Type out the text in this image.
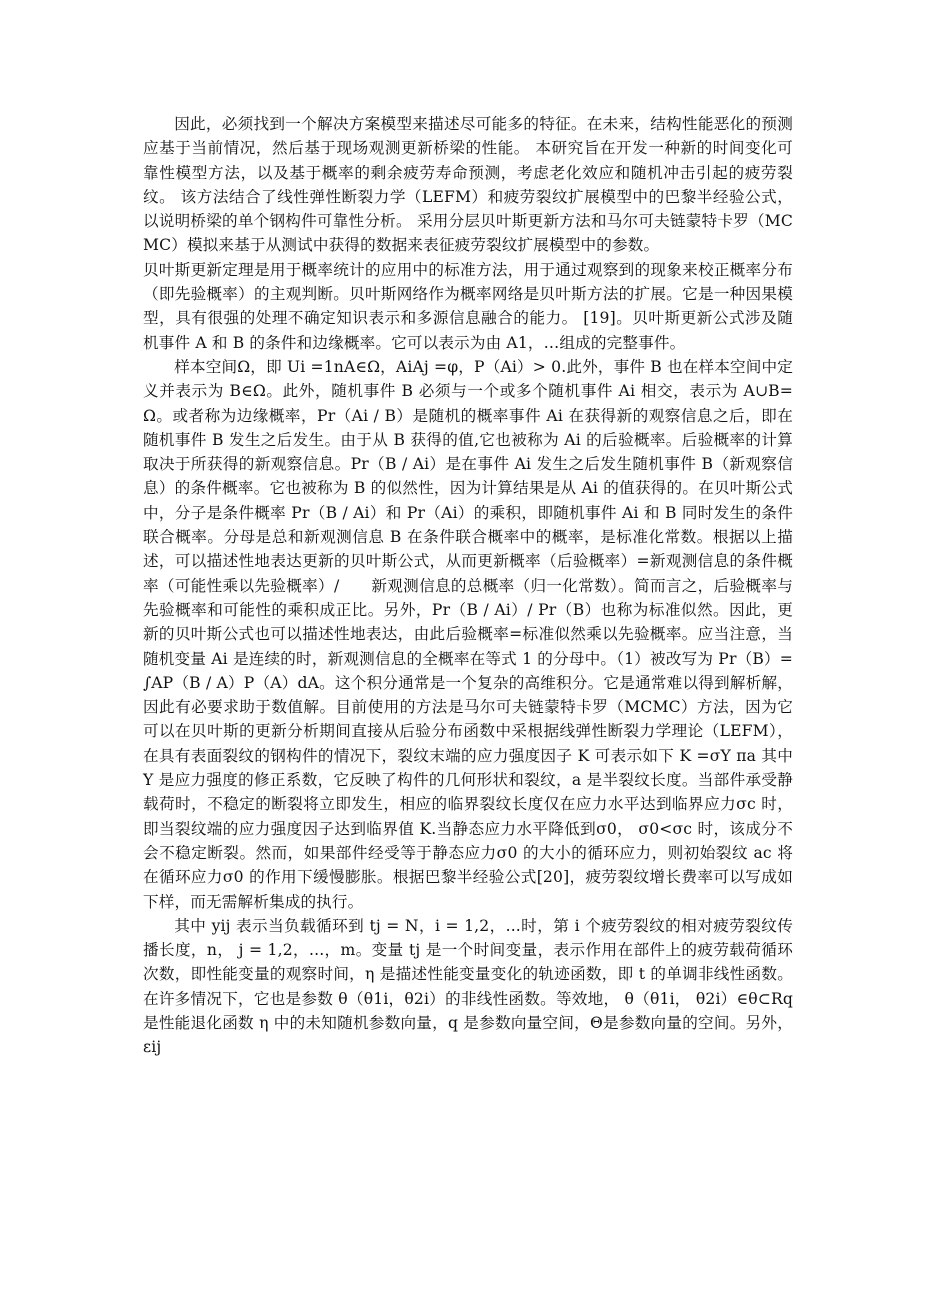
因此，必须找到一个解决方案模型来描述尽可能多的特征。在未来，结构性能恶化的预测应基于当前情况，然后基于现场观测更新桥梁的性能。 本研究旨在开发一种新的时间变化可靠性模型方法，以及基于概率的剩余疲劳寿命预测，考虑老化效应和随机冲击引起的疲劳裂纹。 该方法结合了线性弹性断裂力学（LEFM）和疲劳裂纹扩展模型中的巴黎半经验公式，以说明桥梁的单个钢构件可靠性分析。 采用分层贝叶斯更新方法和马尔可夫链蒙特卡罗（MCMC）模拟来基于从测试中获得的数据来表征疲劳裂纹扩展模型中的参数。

贝叶斯更新定理是用于概率统计的应用中的标准方法，用于通过观察到的现象来校正概率分布（即先验概率）的主观判断。贝叶斯网络作为概率网络是贝叶斯方法的扩展。它是一种因果模型，具有很强的处理不确定知识表示和多源信息融合的能力。 [19]。贝叶斯更新公式涉及随机事件 A 和 B 的条件和边缘概率。它可以表示为由 A1，…组成的完整事件。

样本空间Ω，即 Ui =1nA∈Ω，AiAj =φ，P（Ai）> 0.此外，事件 B 也在样本空间中定义并表示为 B∈Ω。此外，随机事件 B 必须与一个或多个随机事件 Ai 相交，表示为 A∪B=Ω。或者称为边缘概率，Pr（Ai / B）是随机的概率事件 Ai 在获得新的观察信息之后，即在随机事件 B 发生之后发生。由于从 B 获得的值,它也被称为 Ai 的后验概率。后验概率的计算取决于所获得的新观察信息。Pr（B / Ai）是在事件 Ai 发生之后发生随机事件 B（新观察信息）的条件概率。它也被称为 B 的似然性，因为计算结果是从 Ai 的值获得的。在贝叶斯公式中，分子是条件概率 Pr（B / Ai）和 Pr（Ai）的乘积，即随机事件 Ai 和 B 同时发生的条件联合概率。分母是总和新观测信息 B 在条件联合概率中的概率，是标准化常数。根据以上描述，可以描述性地表达更新的贝叶斯公式，从而更新概率（后验概率）=新观测信息的条件概率（可能性乘以先验概率）/　　新观测信息的总概率（归一化常数）。简而言之，后验概率与先验概率和可能性的乘积成正比。另外，Pr（B / Ai）/ Pr（B）也称为标准似然。因此，更新的贝叶斯公式也可以描述性地表达，由此后验概率=标准似然乘以先验概率。应当注意，当随机变量 Ai 是连续的时，新观测信息的全概率在等式 1 的分母中。（1）被改写为 Pr（B）=∫AP（B / A）P（A）dA。这个积分通常是一个复杂的高维积分。它是通常难以得到解析解，因此有必要求助于数值解。目前使用的方法是马尔可夫链蒙特卡罗（MCMC）方法，因为它可以在贝叶斯的更新分析期间直接从后验分布函数中采根据线弹性断裂力学理论（LEFM），在具有表面裂纹的钢构件的情况下，裂纹末端的应力强度因子 K 可表示如下 K =σY πa 其中 Y 是应力强度的修正系数，它反映了构件的几何形状和裂纹，a 是半裂纹长度。当部件承受静载荷时，不稳定的断裂将立即发生，相应的临界裂纹长度仅在应力水平达到临界应力σc 时，即当裂纹端的应力强度因子达到临界值 K.当静态应力水平降低到σ0， σ0<σc 时，该成分不会不稳定断裂。然而，如果部件经受等于静态应力σ0 的大小的循环应力，则初始裂纹 ac 将在循环应力σ0 的作用下缓慢膨胀。根据巴黎半经验公式[20]，疲劳裂纹增长费率可以写成如下样，而无需解析集成的执行。

其中 yij 表示当负载循环到 tj = N，i = 1,2，...时，第 i 个疲劳裂纹的相对疲劳裂纹传播长度，n， j = 1,2，...，m。变量 tj 是一个时间变量，表示作用在部件上的疲劳载荷循环次数，即性能变量的观察时间，η 是描述性能变量变化的轨迹函数，即 t 的单调非线性函数。在许多情况下，它也是参数 θ（θ1i，θ2i）的非线性函数。等效地， θ（θ1i， θ2i）∈θ⊂Rq 是性能退化函数 η 中的未知随机参数向量，q 是参数向量空间，Θ是参数向量的空间。另外， εij
